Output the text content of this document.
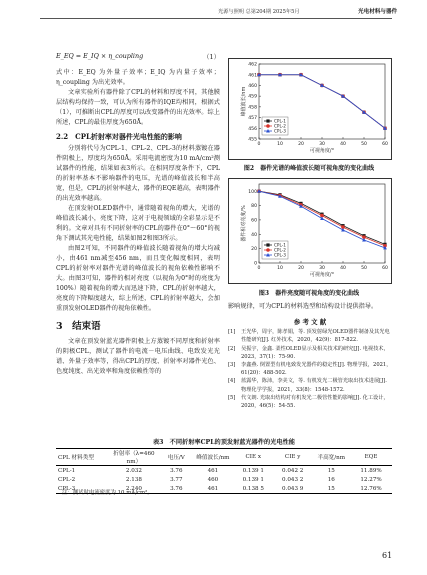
光源与照明 总第204期 2025年5月	光电材料与器件
E_EQ = E_IQ × η_coupling	（1）

式中：E_EQ 为外量子效率；E_IQ 为内量子效率；η_coupling 为出光效率。

文章实验所有器件除了CPL的材料和厚度不同，其他膜层结构均保持一致，可认为所有器件的IQE均相同，根据式（1），可推断出CPL的厚度可以改变器件的出光效率。综上所述，CPL的最佳厚度为650Å。

2.2　CPL折射率对器件光电性能的影响

分别将代号为CPL-1、CPL-2、CPL-3的材料蒸镀在器件阴极上，厚度均为650Å。采用电流密度为10 mA/cm²测试器件的性能，结果如表3所示。在相同厚度条件下，CPL的折射率基本不影响器件的电压，光谱的峰值波长和半高宽，但是，CPL的折射率越大，器件的EQE越高，表明器件的出光效率越高。

在顶发射OLED器件中，通常随着视角的增大，光谱的峰值波长减小，亮度下降，这对于电视领域的全彩显示是不利的。文章对具有不同折射率的CPL的器件在0°～60°的视角下测试其光电性能，结果如图2和图3所示。

由图2可知，不同器件的峰值波长随着视角的增大均减小，由461 nm减至456 nm，而且变化幅度相同，表明CPL的折射率对器件光谱的峰值波长的视角依赖性影响不大。由图3可知，器件的相对亮度（以视角为0°时的亮度为100%）随着视角的增大而迅速下降，CPL的折射率越大，亮度的下降幅度越大，综上所述，CPL的折射率越大，会加重顶发射OLED器件的视角依赖性。

3　结束语

文章在顶发射蓝光器件阴极上方蒸镀不同厚度和折射率的阴极CPL，测试了器件的电流－电压曲线、电致发光光谱、外量子效率等，得出CPL的厚度、折射率对器件光色、色度纯度、出光效率和角度依赖性等的

0	10	20	30	40	50	60
455
456
457
458
459
460
461
462
可视角度/°
峰值波长/nm
CPL-1
CPL-2
CPL-3
图2　器件光谱的峰值波长随可视角度的变化曲线
0	10	20	30	40	50	60
0
20
40
60
80
100
可视角度/°
器件相对亮度/%
CPL-1
CPL-2
CPL-3
图3　器件亮度随可视角度的变化曲线

影响规律，可为CPL的材料选型和结构设计提供指导。

参 考 文 献
[1] 王光华，周宇，陈孝娟，等. 顶发射绿光OLED器件制备及其光电性能研究[J]. 红外技术，2020，42(9)：817-822.
[2] 吴振宇，金鑫. 柔性OLED显示及相关技术的研究[J]. 电视技术，2023，37(1)：75-90.
[3] 李鑫燕. 倒置型有机电致发光器件的稳定性[J]. 物理学报，2021，61(20)：488-502.
[4] 蓝露华，陈沛，李美文，等. 有机发光二极管光取出技术进展[J]. 物理化学学报，2021，33(8)：1548-1572.
[5] 代文朗. 光取出结构对有机发光二极管性能的影响[J]. 化工设计，2020，46(5)：54-55.
表3　不同折射率CPL的顶发射蓝光器件的光电性能
CPL 材料类型	折射率（λ=460 nm）	电压/V	峰值波长/nm	CIE x	CIE y	半高宽/nm	EQE
CPL-1	2.032	3.76	461	0.139 1	0.042 2	15	11.89%
CPL-2	2.138	3.77	460	0.139 1	0.043 2	16	12.27%
CPL-3	2.240	3.76	461	0.138 5	0.043 9	15	12.76%
注：测试时电流密度为 10 mA/cm²。
61
